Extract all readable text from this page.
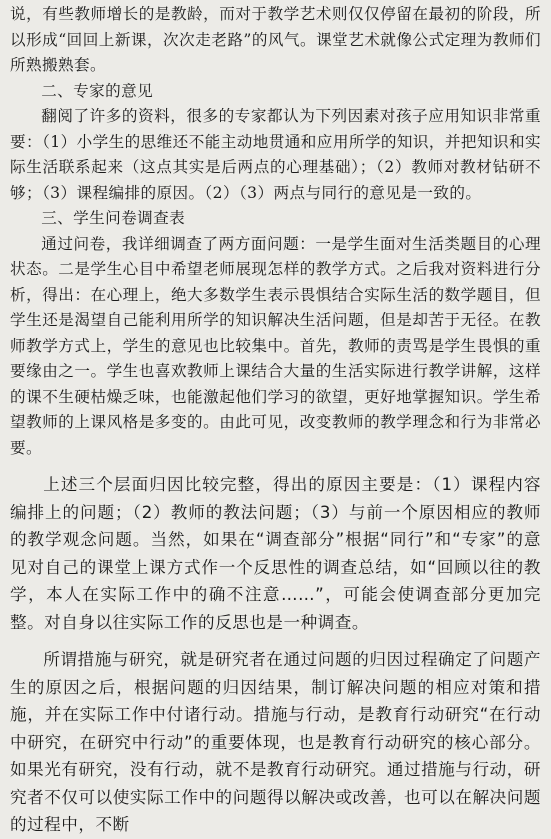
说，有些教师增长的是教龄，而对于教学艺术则仅仅停留在最初的阶段，所以形成“回回上新课，次次走老路”的风气。课堂艺术就像公式定理为教师们所熟搬熟套。

二、专家的意见

翻阅了许多的资料，很多的专家都认为下列因素对孩子应用知识非常重要：（1）小学生的思维还不能主动地贯通和应用所学的知识，并把知识和实际生活联系起来（这点其实是后两点的心理基础）；（2）教师对教材钻研不够；（3）课程编排的原因。（2）（3）两点与同行的意见是一致的。

三、学生问卷调查表

通过问卷，我详细调查了两方面问题：一是学生面对生活类题目的心理状态。二是学生心目中希望老师展现怎样的教学方式。之后我对资料进行分析，得出：在心理上，绝大多数学生表示畏惧结合实际生活的数学题目，但学生还是渴望自己能利用所学的知识解决生活问题，但是却苦于无径。在教师教学方式上，学生的意见也比较集中。首先，教师的责骂是学生畏惧的重要缘由之一。学生也喜欢教师上课结合大量的生活实际进行教学讲解，这样的课不生硬枯燥乏味，也能激起他们学习的欲望，更好地掌握知识。学生希望教师的上课风格是多变的。由此可见，改变教师的教学理念和行为非常必要。

上述三个层面归因比较完整，得出的原因主要是：（1）课程内容编排上的问题；（2）教师的教法问题；（3）与前一个原因相应的教师的教学观念问题。当然，如果在“调查部分”根据“同行”和“专家”的意见对自己的课堂上课方式作一个反思性的调查总结，如“回顾以往的教学，本人在实际工作中的确不注意……”，可能会使调查部分更加完整。对自身以往实际工作的反思也是一种调查。

所谓措施与研究，就是研究者在通过问题的归因过程确定了问题产生的原因之后，根据问题的归因结果，制订解决问题的相应对策和措施，并在实际工作中付诸行动。措施与行动，是教育行动研究“在行动中研究，在研究中行动”的重要体现，也是教育行动研究的核心部分。如果光有研究，没有行动，就不是教育行动研究。通过措施与行动，研究者不仅可以使实际工作中的问题得以解决或改善，也可以在解决问题的过程中，不断
